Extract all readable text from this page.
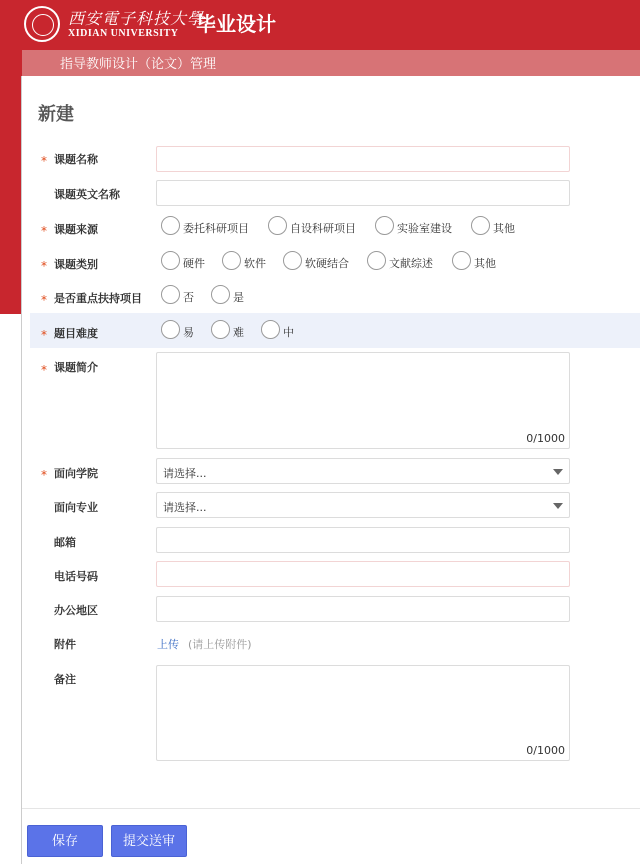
西安電子科技大學
XIDIAN UNIVERSITY 毕业设计
指导教师设计（论文）管理
新建
* 课题名称
课题英文名称
* 课题来源	委托科研项目	自设科研项目	实验室建设	其他
* 课题类别	硬件	软件	软硬结合	文献综述	其他
* 是否重点扶持项目	否	是
* 题目难度	易	难	中
* 课题简介
0/1000
* 面向学院	请选择...
面向专业	请选择...
邮箱
电话号码
办公地区
附件	上传 (请上传附件)
备注
0/1000
保存	提交送审
